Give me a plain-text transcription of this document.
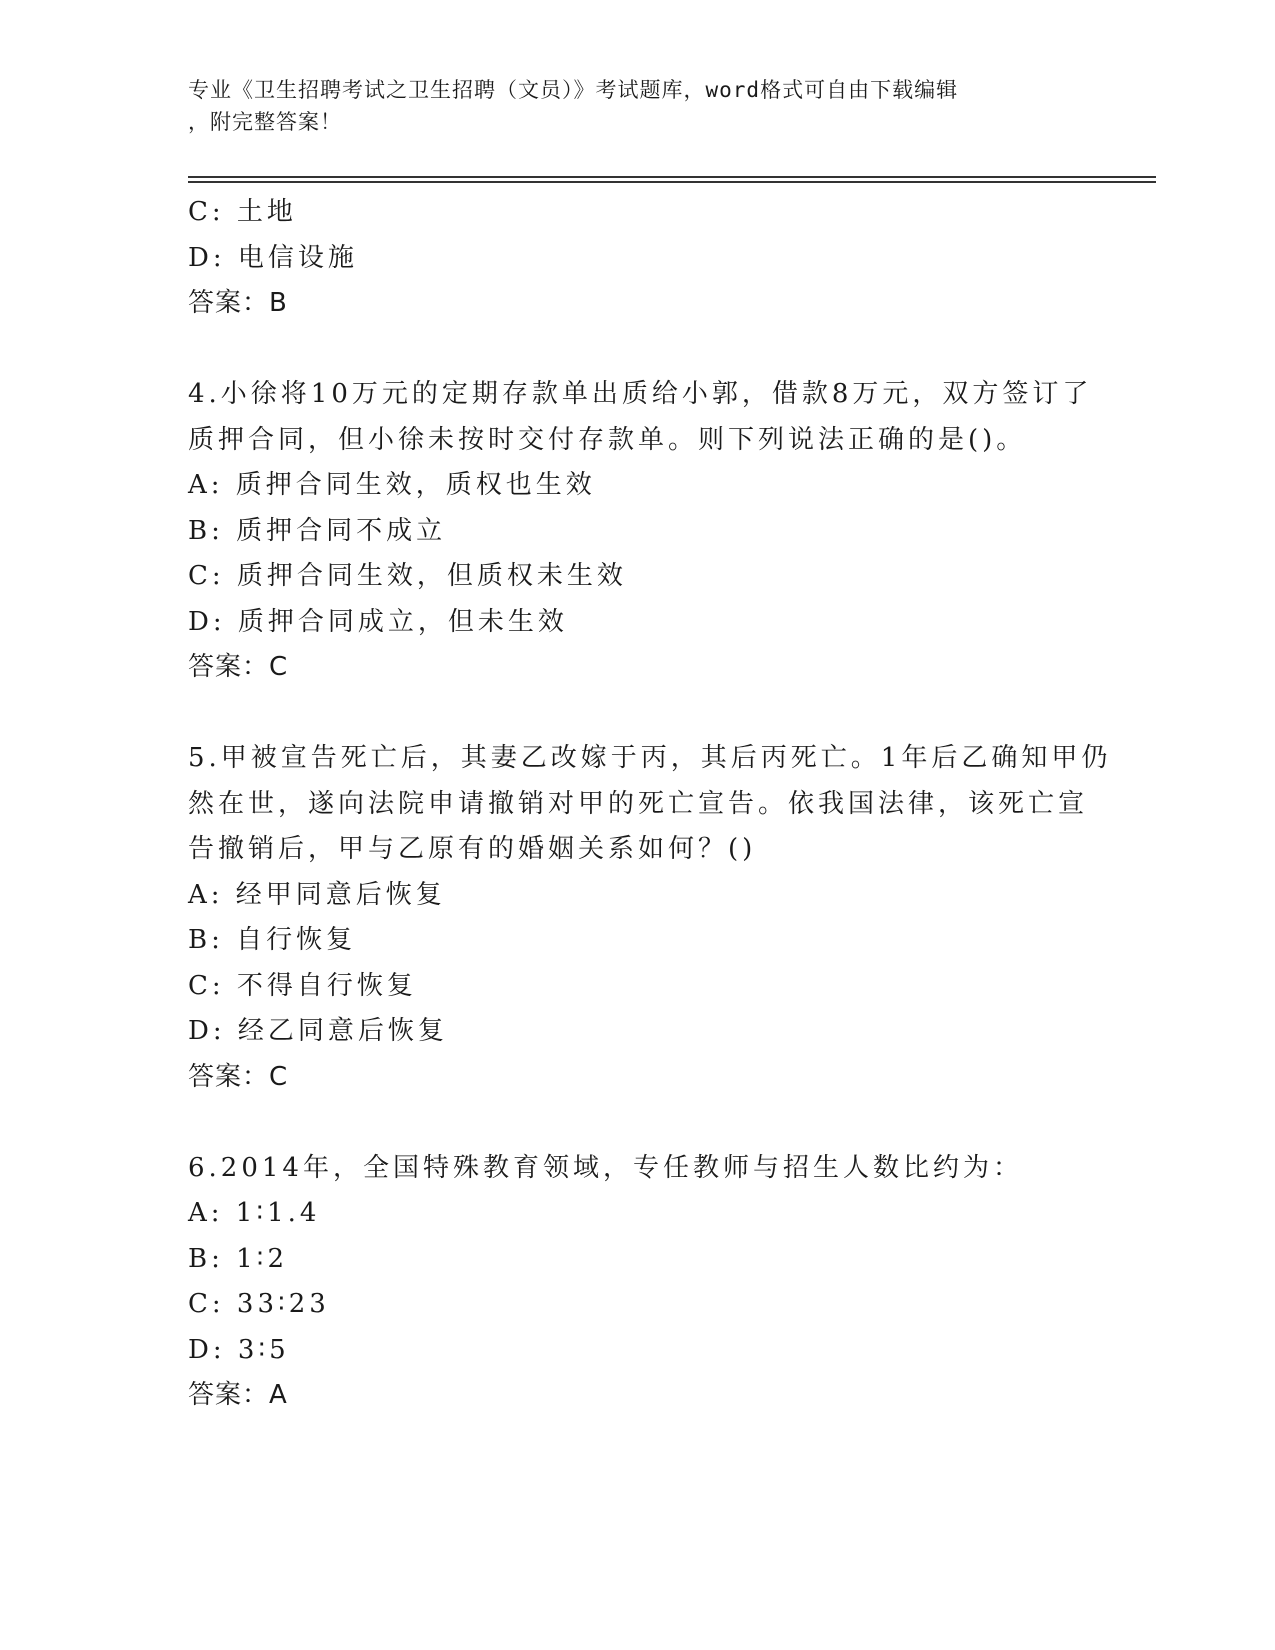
专业《卫生招聘考试之卫生招聘（文员）》考试题库，word格式可自由下载编辑
，附完整答案！
C: 土地
D: 电信设施
答案：B
4.小徐将10万元的定期存款单出质给小郭，借款8万元，双方签订了
质押合同，但小徐未按时交付存款单。则下列说法正确的是()。
A: 质押合同生效，质权也生效
B: 质押合同不成立
C: 质押合同生效，但质权未生效
D: 质押合同成立，但未生效
答案：C
5.甲被宣告死亡后，其妻乙改嫁于丙，其后丙死亡。1年后乙确知甲仍
然在世，遂向法院申请撤销对甲的死亡宣告。依我国法律，该死亡宣
告撤销后，甲与乙原有的婚姻关系如何？()
A: 经甲同意后恢复
B: 自行恢复
C: 不得自行恢复
D: 经乙同意后恢复
答案：C
6.2014年，全国特殊教育领域，专任教师与招生人数比约为：
A: 1∶1.4
B: 1∶2
C: 33∶23
D: 3∶5
答案：A
